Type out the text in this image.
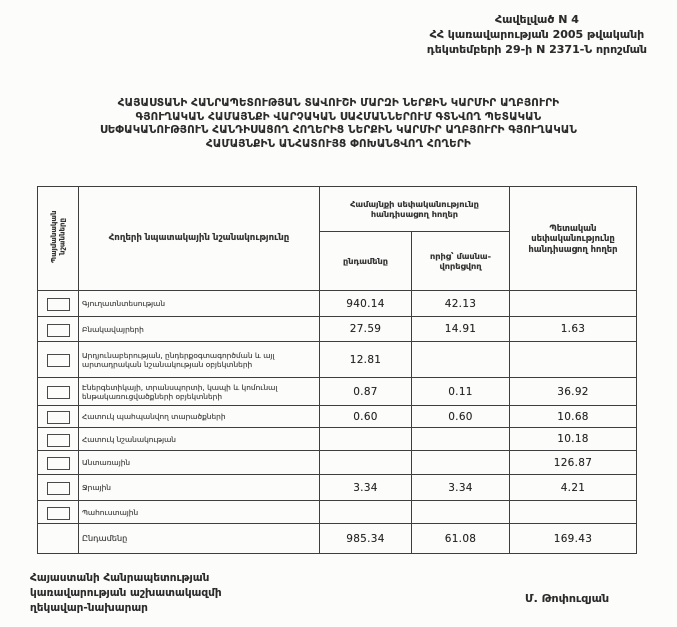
Հավելված N 4
ՀՀ կառավարության 2005 թվականի
դեկտեմբերի 29-ի N 2371-Ն որոշման
ՀԱՅԱՍՏԱՆԻ ՀԱՆՐԱՊԵՏՈՒԹՅԱՆ ՏԱՎՈՒՇԻ ՄԱՐԶԻ ՆԵՐՔԻՆ ԿԱՐՄԻՐ ԱՂԲՅՈՒՐԻ
ԳՅՈՒՂԱԿԱՆ ՀԱՄԱՅՆՔԻ ՎԱՐՉԱԿԱՆ ՍԱՀՄԱՆՆԵՐՈՒՄ ԳՏՆՎՈՂ ՊԵՏԱԿԱՆ
ՍԵՓԱԿԱՆՈՒԹՅՈՒՆ ՀԱՆԴԻՍԱՑՈՂ ՀՈՂԵՐԻՑ ՆԵՐՔԻՆ ԿԱՐՄԻՐ ԱՂԲՅՈՒՐԻ ԳՅՈՒՂԱԿԱՆ
ՀԱՄԱՅՆՔԻՆ ԱՆՀԱՏՈՒՅՑ ՓՈԽԱՆՑՎՈՂ ՀՈՂԵՐԻ
Պայմանական նշանները	Հողերի նպատակային նշանակությունը	Համայնքի սեփականությունը հանդիսացող հողեր		Պետական սեփականությունը հանդիսացող հողեր
		ընդամենը	որից՝ մասնա-վորեցվող	
	Գյուղատնտեսության	940.14	42.13	
	Բնակավայրերի	27.59	14.91	1.63
	Արդյունաբերության, ընդերքօգտագործման և այլ արտադրական նշանակության օբյեկտների	12.81		
	Էներգետիկայի, տրանսպորտի, կապի և կոմունալ ենթակառուցվածքների օբյեկտների	0.87	0.11	36.92
	Հատուկ պահպանվող տարածքների	0.60	0.60	10.68
	Հատուկ նշանակության			10.18
	Անտառային			126.87
	Ջրային	3.34	3.34	4.21
	Պահուստային			
	Ընդամենը	985.34	61.08	169.43
Հայաստանի Հանրապետության
կառավարության աշխատակազմի
ղեկավար-նախարար
Մ. Թոփուզյան
